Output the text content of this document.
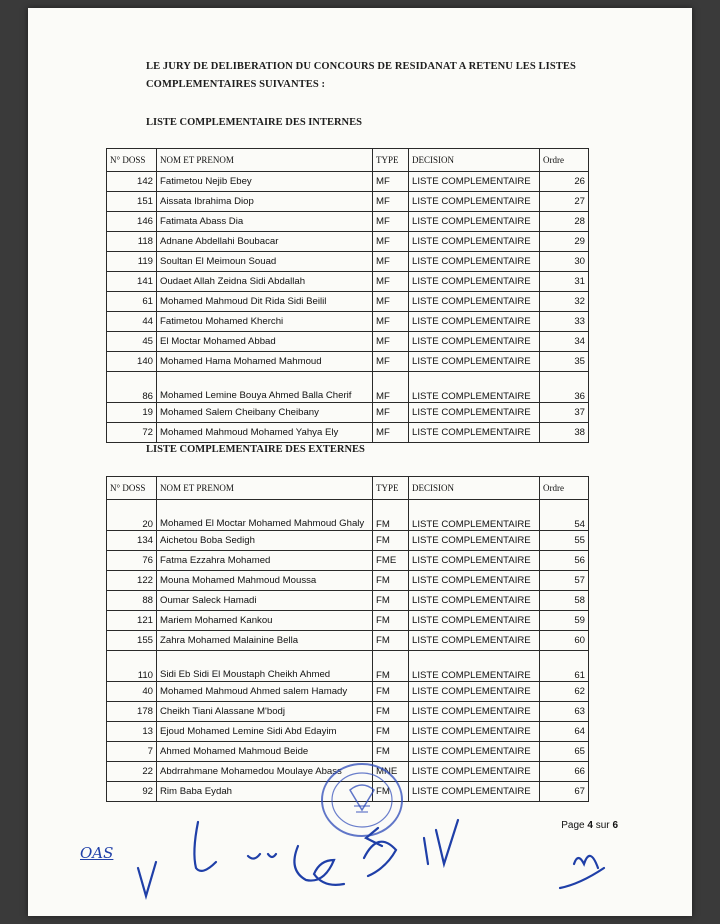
LE JURY DE DELIBERATION DU CONCOURS DE RESIDANAT A RETENU LES LISTES
COMPLEMENTAIRES SUIVANTES :
LISTE COMPLEMENTAIRE DES INTERNES
N° DOSS	NOM ET PRENOM	TYPE	DECISION	Ordre
142	Fatimetou Nejib Ebey	MF	LISTE COMPLEMENTAIRE	26
151	Aissata Ibrahima Diop	MF	LISTE COMPLEMENTAIRE	27
146	Fatimata Abass Dia	MF	LISTE COMPLEMENTAIRE	28
118	Adnane Abdellahi Boubacar	MF	LISTE COMPLEMENTAIRE	29
119	Soultan El Meimoun Souad	MF	LISTE COMPLEMENTAIRE	30
141	Oudaet Allah Zeidna Sidi Abdallah	MF	LISTE COMPLEMENTAIRE	31
61	Mohamed Mahmoud Dit Rida Sidi Beilil	MF	LISTE COMPLEMENTAIRE	32
44	Fatimetou Mohamed Kherchi	MF	LISTE COMPLEMENTAIRE	33
45	El Moctar Mohamed Abbad	MF	LISTE COMPLEMENTAIRE	34
140	Mohamed Hama Mohamed Mahmoud	MF	LISTE COMPLEMENTAIRE	35
86	Mohamed Lemine Bouya Ahmed Balla Cherif	MF	LISTE COMPLEMENTAIRE	36
19	Mohamed Salem Cheibany Cheibany	MF	LISTE COMPLEMENTAIRE	37
72	Mohamed Mahmoud Mohamed Yahya Ely	MF	LISTE COMPLEMENTAIRE	38
LISTE COMPLEMENTAIRE DES EXTERNES
N° DOSS	NOM ET PRENOM	TYPE	DECISION	Ordre
20	Mohamed El Moctar Mohamed Mahmoud Ghaly	FM	LISTE COMPLEMENTAIRE	54
134	Aichetou Boba Sedigh	FM	LISTE COMPLEMENTAIRE	55
76	Fatma Ezzahra Mohamed	FME	LISTE COMPLEMENTAIRE	56
122	Mouna Mohamed Mahmoud Moussa	FM	LISTE COMPLEMENTAIRE	57
88	Oumar Saleck Hamadi	FM	LISTE COMPLEMENTAIRE	58
121	Mariem Mohamed Kankou	FM	LISTE COMPLEMENTAIRE	59
155	Zahra Mohamed Malainine Bella	FM	LISTE COMPLEMENTAIRE	60
110	Sidi Eb Sidi El Moustaph Cheikh Ahmed	FM	LISTE COMPLEMENTAIRE	61
40	Mohamed Mahmoud Ahmed salem Hamady	FM	LISTE COMPLEMENTAIRE	62
178	Cheikh Tiani Alassane M'bodj	FM	LISTE COMPLEMENTAIRE	63
13	Ejoud Mohamed Lemine Sidi Abd Edayim	FM	LISTE COMPLEMENTAIRE	64
7	Ahmed Mohamed Mahmoud Beide	FM	LISTE COMPLEMENTAIRE	65
22	Abdrrahmane Mohamedou Moulaye Abass	MNE	LISTE COMPLEMENTAIRE	66
92	Rim Baba Eydah	FM	LISTE COMPLEMENTAIRE	67
Page 4 sur 6
OAS
